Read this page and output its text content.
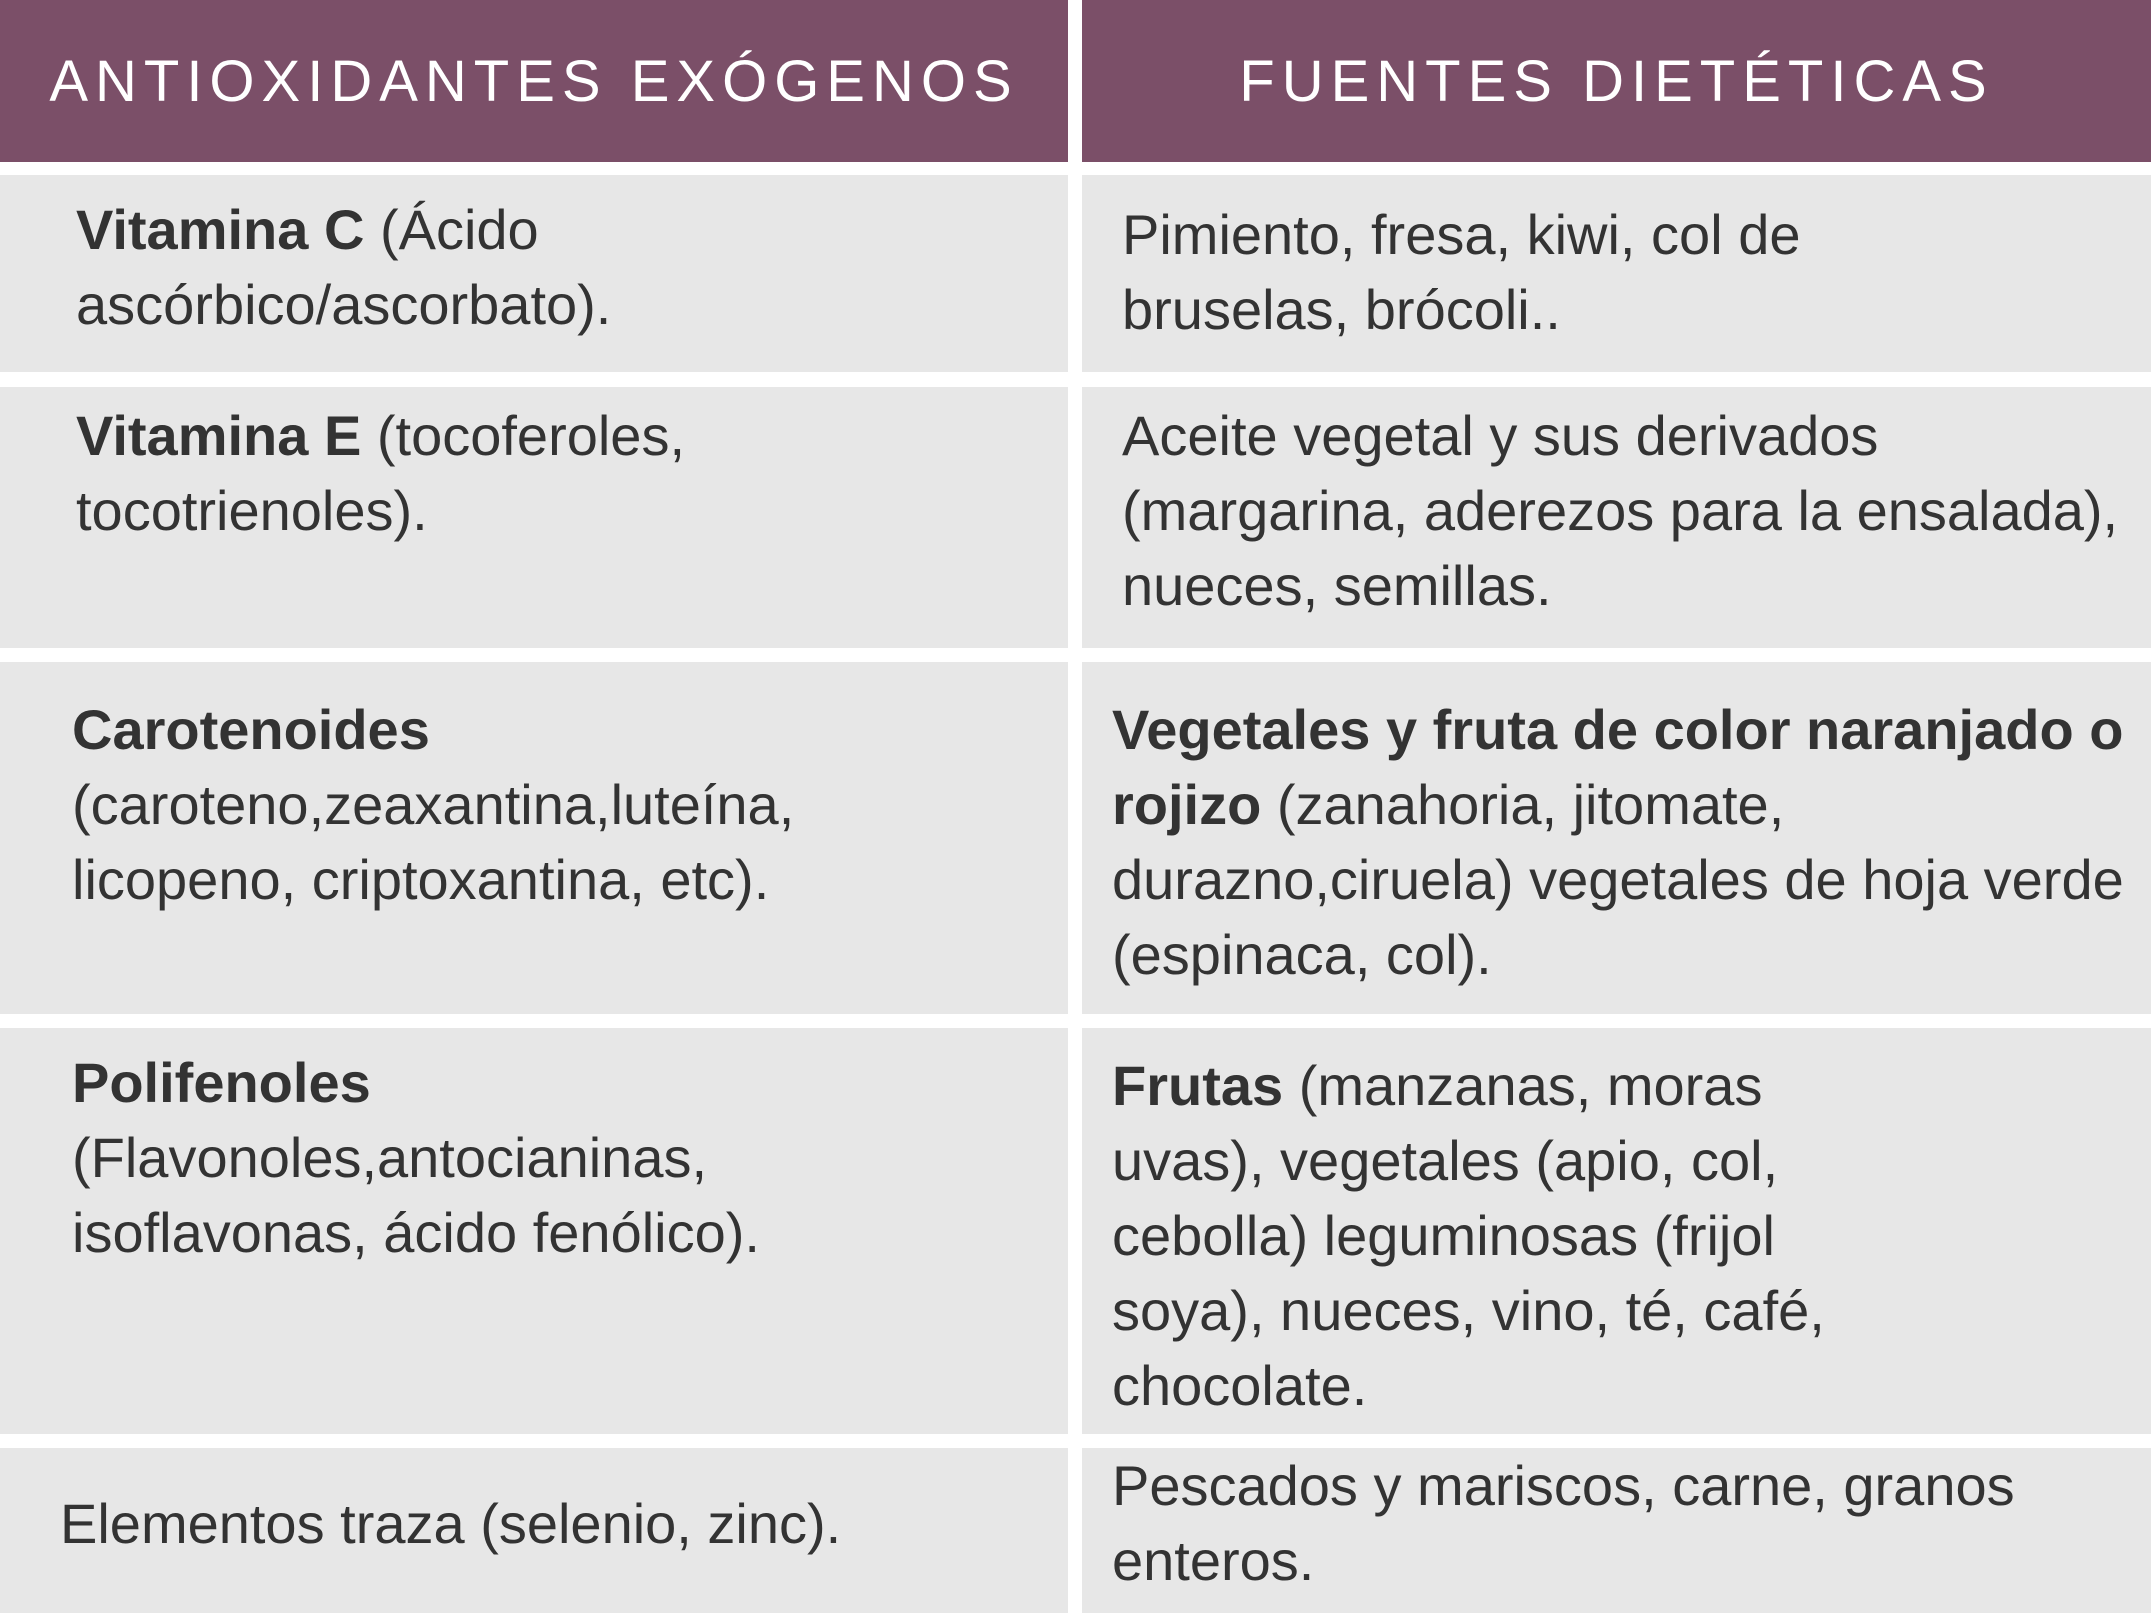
ANTIOXIDANTES EXÓGENOS	FUENTES DIETÉTICAS
Vitamina C (Ácido ascórbico/ascorbato).
Pimiento, fresa, kiwi, col de bruselas, brócoli..
Vitamina E (tocoferoles, tocotrienoles).
Aceite vegetal y sus derivados (margarina, aderezos para la ensalada), nueces, semillas.
Carotenoides (caroteno,zeaxantina,luteína, licopeno, criptoxantina, etc).
Vegetales y fruta de color naranjado o rojizo (zanahoria, jitomate, durazno,ciruela) vegetales de hoja verde (espinaca, col).
Polifenoles (Flavonoles,antocianinas, isoflavonas, ácido fenólico).
Frutas (manzanas, moras uvas), vegetales (apio, col, cebolla) leguminosas (frijol soya), nueces, vino, té, café, chocolate.
Elementos traza (selenio, zinc).
Pescados y mariscos, carne, granos enteros.
